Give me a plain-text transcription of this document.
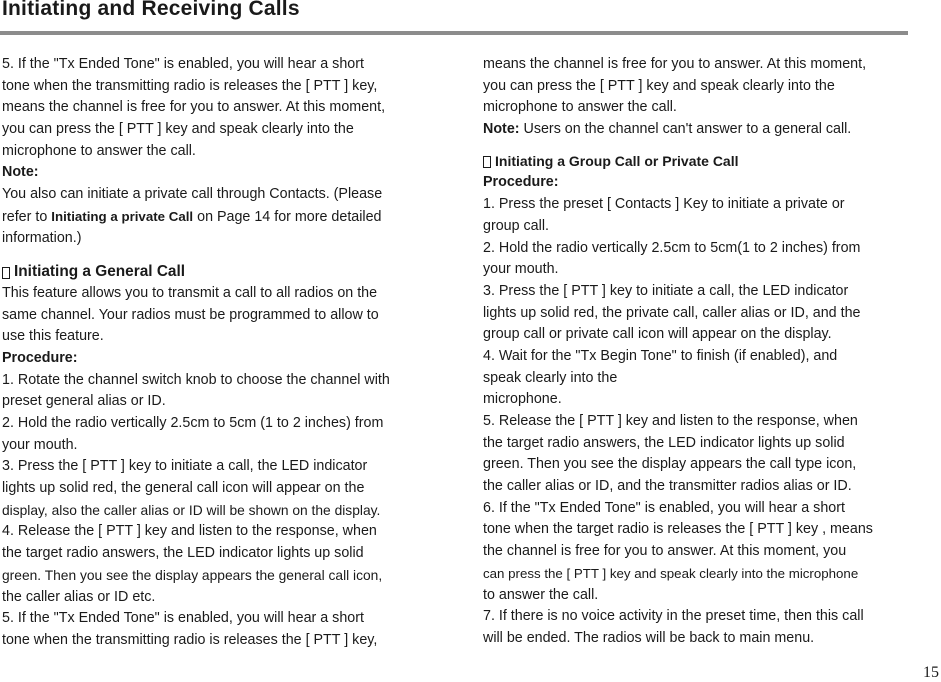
Initiating and Receiving Calls
5. If the "Tx Ended Tone" is enabled, you will hear a short
tone when the transmitting radio is releases the [ PTT ] key,
means the channel is free for you to answer. At this moment,
you can press the [ PTT ] key and speak clearly into the
microphone to answer the call.
Note:
You also can initiate a private call through Contacts. (Please
refer to Initiating a private Call on Page 14 for more detailed
information.)
Initiating a General Call
This feature allows you to transmit a call to all radios on the
same channel. Your radios must be programmed to allow to
use this feature.
Procedure:
1. Rotate the channel switch knob to choose the channel with
preset general alias or ID.
2. Hold the radio vertically 2.5cm to 5cm (1 to 2 inches) from
your mouth.
3. Press the [ PTT ] key to initiate a call, the LED indicator
lights up solid red, the general call icon will appear on the
display, also the caller alias or ID will be shown on the display.
4. Release the [ PTT ] key and listen to the response, when
the target radio answers, the LED indicator lights up solid
green. Then you see the display appears the general call icon,
the caller alias or ID etc.
5. If the "Tx Ended Tone" is enabled, you will hear a short
tone when the transmitting radio is releases the [ PTT ] key,
means the channel is free for you to answer. At this moment,
you can press the [ PTT ] key and speak clearly into the
microphone to answer the call.
Note: Users on the channel can't answer to a general call.
Initiating a Group Call or Private Call
Procedure:
1. Press the preset [ Contacts ] Key to initiate a private or
group call.
2. Hold the radio vertically 2.5cm to 5cm(1 to 2 inches) from
your mouth.
3. Press the [ PTT ] key to initiate a call, the LED indicator
lights up solid red, the private call, caller alias or ID, and the
group call or private call icon will appear on the display.
4. Wait for the "Tx Begin Tone" to finish (if enabled), and
speak clearly into the
microphone.
5. Release the [ PTT ] key and listen to the response, when
the target radio answers, the LED indicator lights up solid
green. Then you see the display appears the call type icon,
the caller alias or ID, and the transmitter radios alias or ID.
6. If the "Tx Ended Tone" is enabled, you will hear a short
tone when the target radio is releases the [ PTT ] key , means
the channel is free for you to answer. At this moment, you
can press the [ PTT ] key and speak clearly into the microphone
to answer the call.
7. If there is no voice activity in the preset time, then this call
will be ended. The radios will be back to main menu.
15
